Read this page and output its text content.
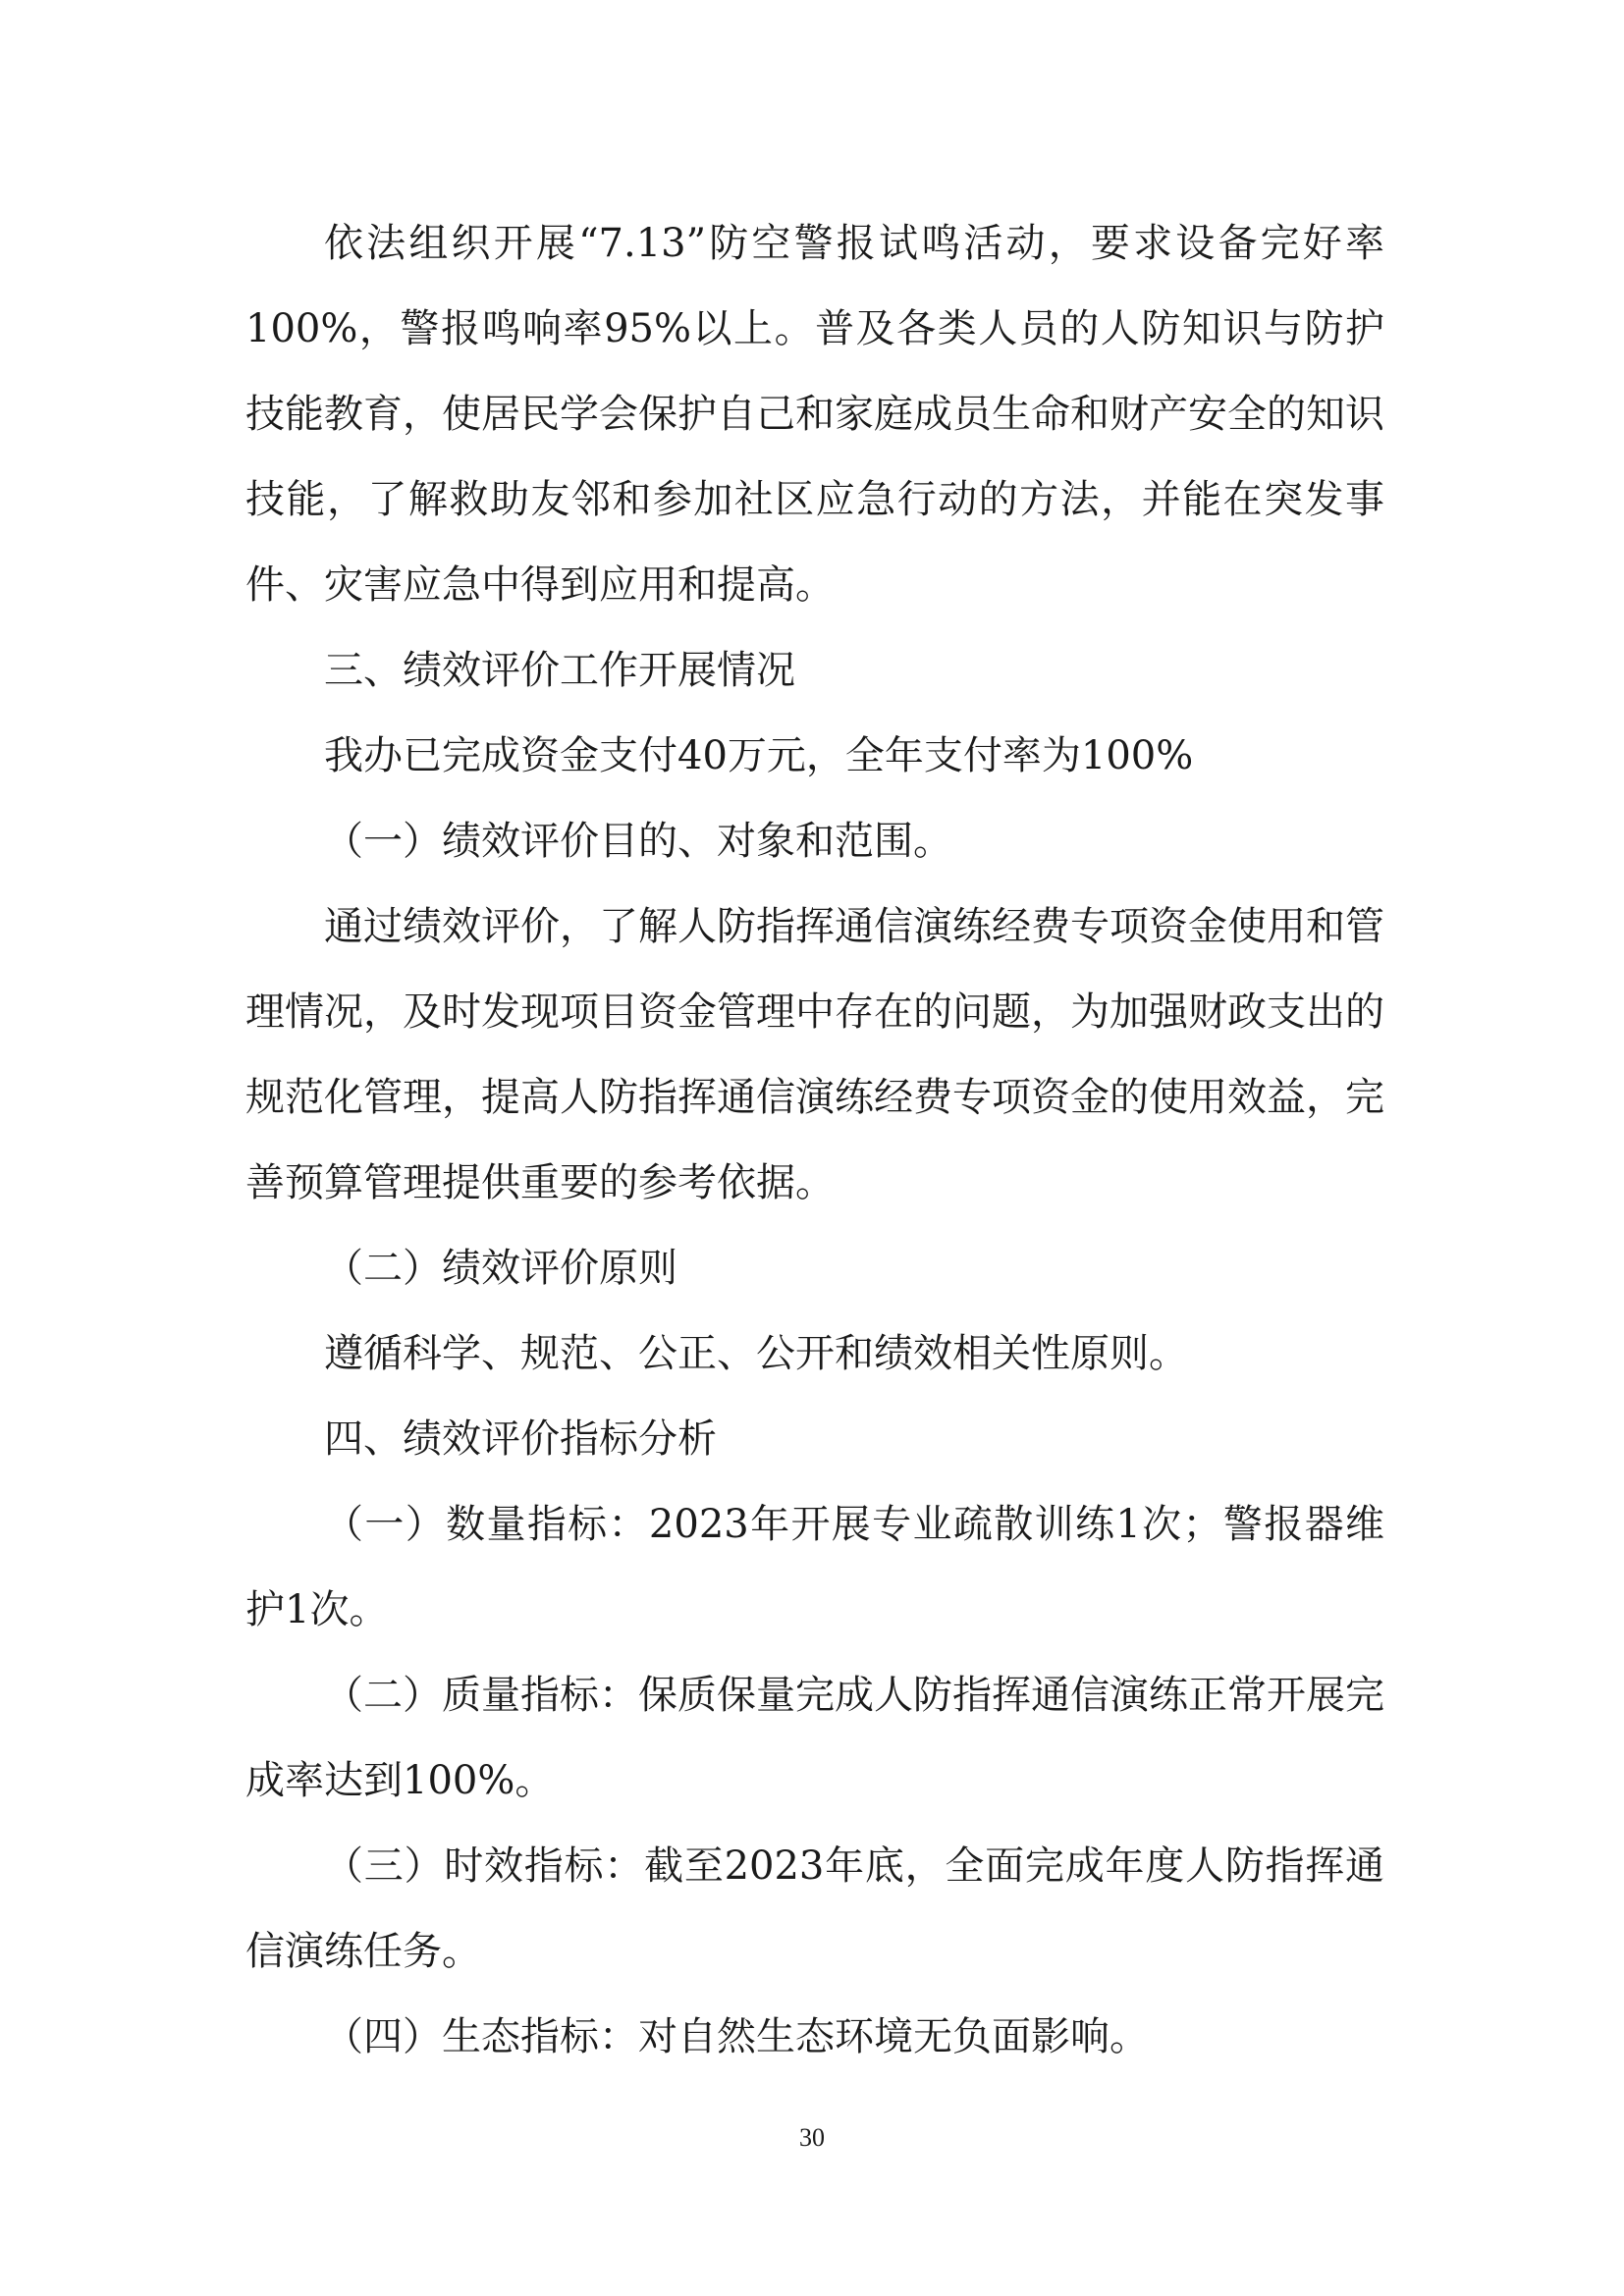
依法组织开展“7.13”防空警报试鸣活动，要求设备完好率100%，警报鸣响率95%以上。普及各类人员的人防知识与防护技能教育，使居民学会保护自己和家庭成员生命和财产安全的知识技能，了解救助友邻和参加社区应急行动的方法，并能在突发事件、灾害应急中得到应用和提高。

三、绩效评价工作开展情况

我办已完成资金支付40万元，全年支付率为100%

（一）绩效评价目的、对象和范围。

通过绩效评价，了解人防指挥通信演练经费专项资金使用和管理情况，及时发现项目资金管理中存在的问题，为加强财政支出的规范化管理，提高人防指挥通信演练经费专项资金的使用效益，完善预算管理提供重要的参考依据。

（二）绩效评价原则

遵循科学、规范、公正、公开和绩效相关性原则。

四、绩效评价指标分析

（一）数量指标：2023年开展专业疏散训练1次；警报器维护1次。

（二）质量指标：保质保量完成人防指挥通信演练正常开展完成率达到100%。

（三）时效指标：截至2023年底，全面完成年度人防指挥通信演练任务。

（四）生态指标：对自然生态环境无负面影响。

30
